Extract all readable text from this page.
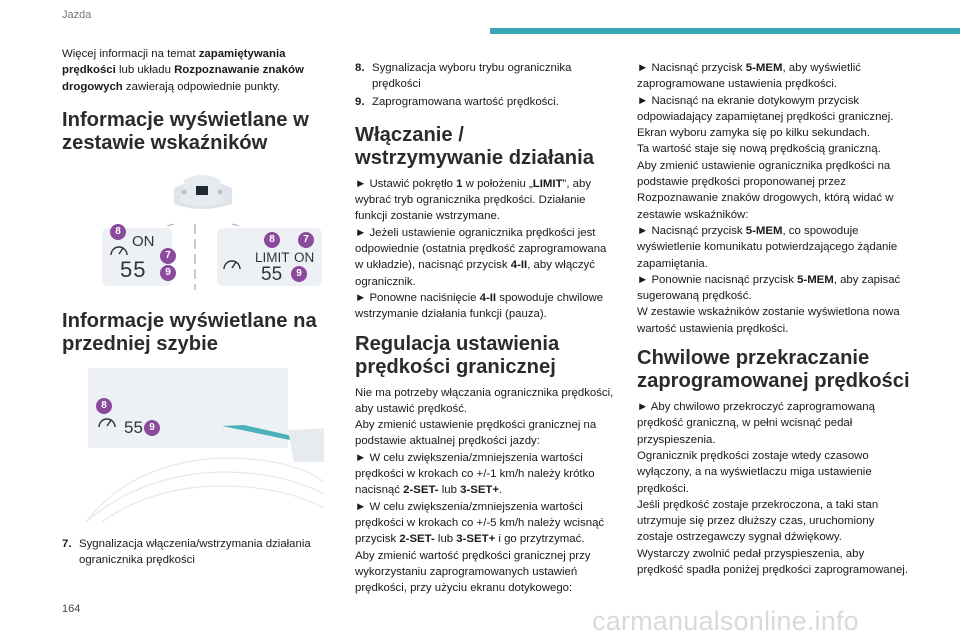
Jazda

Więcej informacji na temat zapamiętywania prędkości lub układu Rozpoznawanie znaków drogowych zawierają odpowiednie punkty.

Informacje wyświetlane w zestawie wskaźników
ON
55
8
7
9
LIMIT ON
55
8	7
9
Informacje wyświetlane na przedniej szybie
55
8
9
7. Sygnalizacja włączenia/wstrzymania działania ogranicznika prędkości
8. Sygnalizacja wyboru trybu ogranicznika prędkości
9. Zaprogramowana wartość prędkości.
Włączanie / wstrzymywanie działania

► Ustawić pokrętło 1 w położeniu „LIMIT”, aby wybrać tryb ogranicznika prędkości. Działanie funkcji zostanie wstrzymane.

► Jeżeli ustawienie ogranicznika prędkości jest odpowiednie (ostatnia prędkość zaprogramowana w układzie), nacisnąć przycisk 4-II, aby włączyć ogranicznik.

► Ponowne naciśnięcie 4-II spowoduje chwilowe wstrzymanie działania funkcji (pauza).

Regulacja ustawienia prędkości granicznej

Nie ma potrzeby włączania ogranicznika prędkości, aby ustawić prędkość.

Aby zmienić ustawienie prędkości granicznej na podstawie aktualnej prędkości jazdy:

► W celu zwiększenia/zmniejszenia wartości prędkości w krokach co +/-1 km/h należy krótko nacisnąć 2-SET- lub 3-SET+.

► W celu zwiększenia/zmniejszenia wartości prędkości w krokach co +/-5 km/h należy wcisnąć przycisk 2-SET- lub 3-SET+ i go przytrzymać.

Aby zmienić wartość prędkości granicznej przy wykorzystaniu zaprogramowanych ustawień prędkości, przy użyciu ekranu dotykowego:

► Nacisnąć przycisk 5-MEM, aby wyświetlić zaprogramowane ustawienia prędkości.

► Nacisnąć na ekranie dotykowym przycisk odpowiadający zapamiętanej prędkości granicznej.

Ekran wyboru zamyka się po kilku sekundach.

Ta wartość staje się nową prędkością graniczną.

Aby zmienić ustawienie ogranicznika prędkości na podstawie prędkości proponowanej przez Rozpoznawanie znaków drogowych, którą widać w zestawie wskaźników:

► Nacisnąć przycisk 5-MEM, co spowoduje wyświetlenie komunikatu potwierdzającego żądanie zapamiętania.

► Ponownie nacisnąć przycisk 5-MEM, aby zapisać sugerowaną prędkość.

W zestawie wskaźników zostanie wyświetlona nowa wartość ustawienia prędkości.

Chwilowe przekraczanie zaprogramowanej prędkości

► Aby chwilowo przekroczyć zaprogramowaną prędkość graniczną, w pełni wcisnąć pedał przyspieszenia.

Ogranicznik prędkości zostaje wtedy czasowo wyłączony, a na wyświetlaczu miga ustawienie prędkości.

Jeśli prędkość zostaje przekroczona, a taki stan utrzymuje się przez dłuższy czas, uruchomiony zostaje ostrzegawczy sygnał dźwiękowy.

Wystarczy zwolnić pedał przyspieszenia, aby prędkość spadła poniżej prędkości zaprogramowanej.

164	carmanualsonline.info
